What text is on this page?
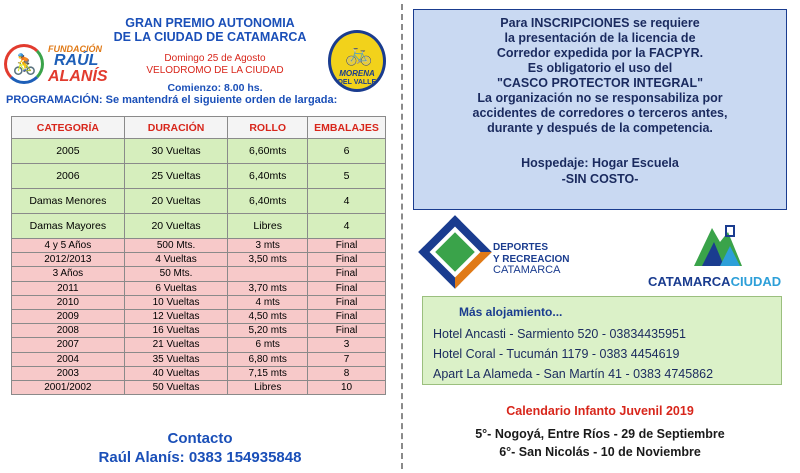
🚴
FUNDACIÓN
RAÚL
ALANÍS
🚲
MORENA
DEL VALLE
GRAN PREMIO AUTONOMIA
DE LA CIUDAD DE CATAMARCA
Domingo 25 de Agosto
VELODROMO DE LA CIUDAD
Comienzo: 8.00 hs.
PROGRAMACIÓN: Se mantendrá el siguiente orden de largada:
CATEGORÍA	DURACIÓN	ROLLO	EMBALAJES
2005	30 Vueltas	6,60mts	6
2006	25 Vueltas	6,40mts	5
Damas Menores	20 Vueltas	6,40mts	4
Damas Mayores	20 Vueltas	Libres	4
4 y 5 Años	500 Mts.	3 mts	Final
2012/2013	4 Vueltas	3,50 mts	Final
3 Años	50 Mts.		Final
2011	6 Vueltas	3,70 mts	Final
2010	10 Vueltas	4 mts	Final
2009	12 Vueltas	4,50 mts	Final
2008	16 Vueltas	5,20 mts	Final
2007	21 Vueltas	6 mts	3
2004	35 Vueltas	6,80 mts	7
2003	40 Vueltas	7,15 mts	8
2001/2002	50 Vueltas	Libres	10
Contacto
Raúl Alanís: 0383 154935848
Para INSCRIPCIONES se requiere
la presentación de la licencia de
Corredor expedida por la FACPYR.
Es obligatorio el uso del
"CASCO PROTECTOR INTEGRAL"
La organización no se responsabiliza por
accidentes de corredores o terceros antes,
durante y después de la competencia.
Hospedaje: Hogar Escuela
-SIN COSTO-
DEPORTES
Y RECREACION
CATAMARCA
CATAMARCACIUDAD
Más alojamiento...
Hotel Ancasti - Sarmiento 520 - 03834435951
Hotel Coral - Tucumán 1179 - 0383 4454619
Apart La Alameda - San Martín 41 - 0383 4745862
Calendario Infanto Juvenil 2019
5°- Nogoyá, Entre Ríos - 29 de Septiembre
6°- San Nicolás - 10 de Noviembre
